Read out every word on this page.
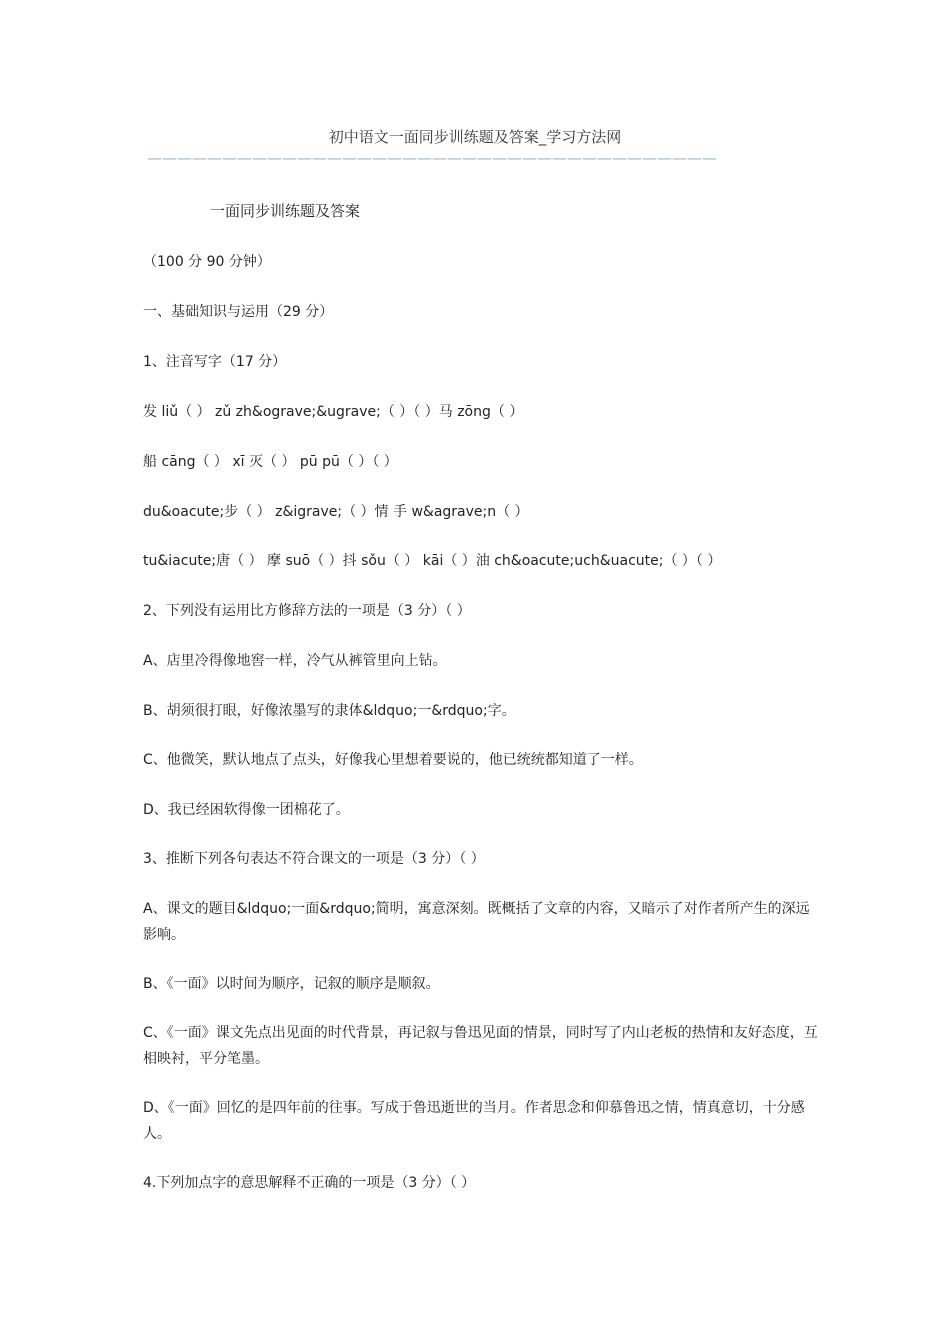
初中语文一面同步训练题及答案_学习方法网
——————————————————————————————————————
一面同步训练题及答案
（100 分 90 分钟）
一、基础知识与运用（29 分）
1、注音写字（17 分）
发 liǔ（ ） zǔ zh&ograve;&ugrave;（ ）（ ）马 zōng（ ）
船 cāng（ ） xī 灭（ ） pū pū（ ）（ ）
du&oacute;步（ ） z&igrave;（ ）情 手 w&agrave;n（ ）
tu&iacute;唐（ ） 摩 suō（ ）抖 sǒu（ ） kāi（ ）油 ch&oacute;uch&uacute;（ ）（ ）
2、下列没有运用比方修辞方法的一项是（3 分）（ ）
A、店里冷得像地窖一样，冷气从裤管里向上钻。
B、胡须很打眼，好像浓墨写的隶体&ldquo;一&rdquo;字。
C、他微笑，默认地点了点头，好像我心里想着要说的，他已统统都知道了一样。
D、我已经困软得像一团棉花了。
3、推断下列各句表达不符合课文的一项是（3 分）（ ）
A、课文的题目&ldquo;一面&rdquo;简明，寓意深刻。既概括了文章的内容，又暗示了对作者所产生的深远影响。
B、《一面》以时间为顺序，记叙的顺序是顺叙。
C、《一面》课文先点出见面的时代背景，再记叙与鲁迅见面的情景，同时写了内山老板的热情和友好态度，互相映衬，平分笔墨。
D、《一面》回忆的是四年前的往事。写成于鲁迅逝世的当月。作者思念和仰慕鲁迅之情，情真意切，十分感人。
4.下列加点字的意思解释不正确的一项是（3 分）（ ）
